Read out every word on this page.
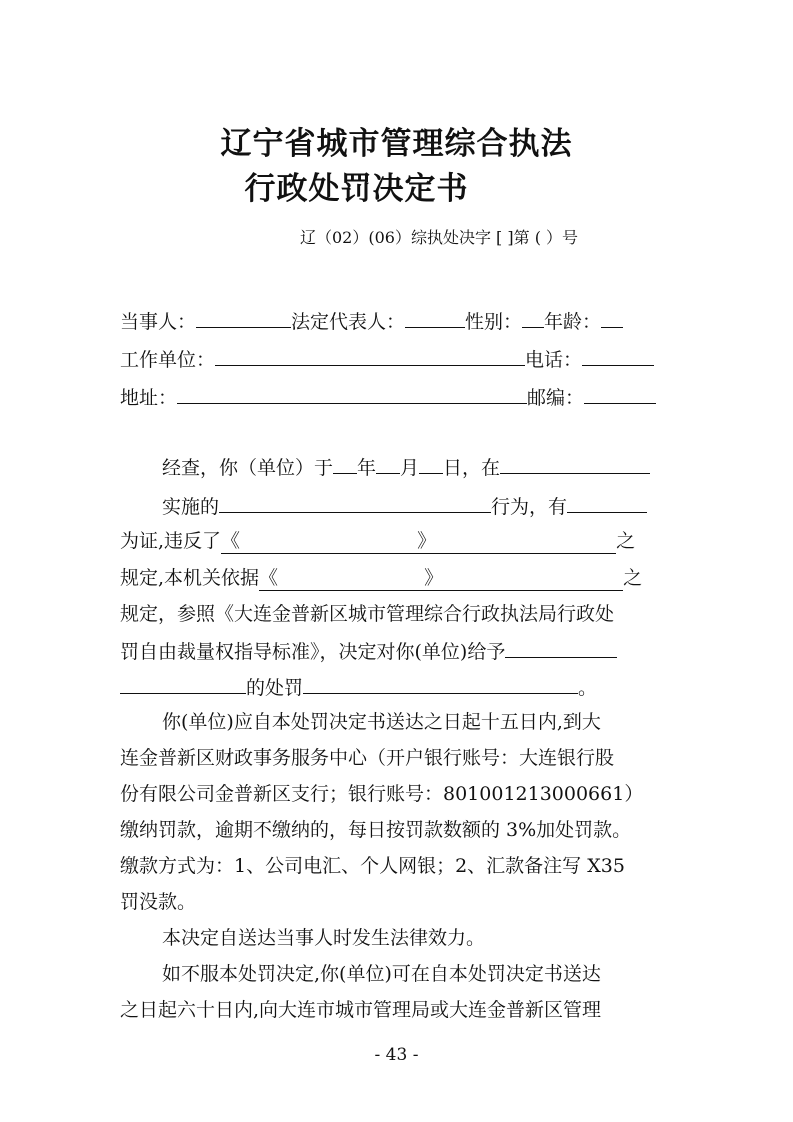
辽宁省城市管理综合执法
行政处罚决定书
辽（02）(06）综执处决字 [ ]第 ( ）号
当事人：	法定代表人：	性别： 年龄：
工作单位：	电话：
地址：	邮编：
经查，你（单位）于 年 月 日，在
实施的	行为，有
为证,违反了《	》	之
规定,本机关依据《	》	之
规定，参照《大连金普新区城市管理综合行政执法局行政处
罚自由裁量权指导标准》，决定对你(单位)给予
的处罚	。
你(单位)应自本处罚决定书送达之日起十五日内,到大
连金普新区财政事务服务中心（开户银行账号：大连银行股
份有限公司金普新区支行；银行账号：801001213000661）
缴纳罚款，逾期不缴纳的，每日按罚款数额的 3%加处罚款。
缴款方式为：1、公司电汇、个人网银；2、汇款备注写 X35
罚没款。
本决定自送达当事人时发生法律效力。
如不服本处罚决定,你(单位)可在自本处罚决定书送达
之日起六十日内,向大连市城市管理局或大连金普新区管理
- 43 -
